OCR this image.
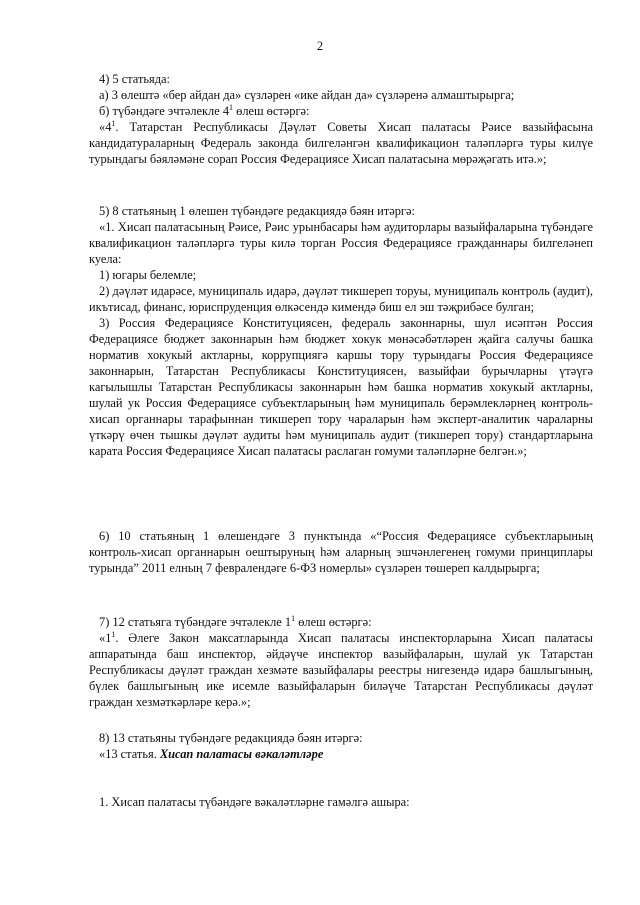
2

4) 5 статьяда:

а) 3 өлештә «бер айдан да» сүзләрен «ике айдан да» сүзләренә алмаштырырга;

б) түбәндәге эчтәлекле $4^1$ өлеш өстәргә:

«$4^1$. Татарстан Республикасы Дәүләт Советы Хисап палатасы Рәисе вазыйфасына кандидатураларның Федераль законда билгеләнгән квалификацион таләпләргә туры килүе турындагы бәяләмәне сорап Россия Федерациясе Хисап палатасына мөрәҗәгать итә.»;

5) 8 статьяның 1 өлешен түбәндәге редакциядә бәян итәргә:

«1. Хисап палатасының Рәисе, Рәис урынбасары һәм аудиторлары вазыйфаларына түбәндәге квалификацион таләпләргә туры килә торган Россия Федерациясе гражданнары билгеләнеп куела:

1) югары белемле;

2) дәүләт идарәсе, муниципаль идарә, дәүләт тикшереп торуы, муниципаль контроль (аудит), икътисад, финанс, юриспруденция өлкәсендә кимендә биш ел эш тәҗрибәсе булган;

3) Россия Федерациясе Конституциясен, федераль законнарны, шул исәптән Россия Федерациясе бюджет законнарын һәм бюджет хокук мөнәсәбәтләрен җайга салучы башка норматив хокукый актларны, коррупциягә каршы тору турындагы Россия Федерациясе законнарын, Татарстан Республикасы Конституциясен, вазыйфаи бурычларны үтәүгә кагылышлы Татарстан Республикасы законнарын һәм башка норматив хокукый актларны, шулай ук Россия Федерациясе субъектларының һәм муниципаль берәмлекләрнең контроль-хисап органнары тарафыннан тикшереп тору чараларын һәм эксперт-аналитик чараларны үткәрү өчен тышкы дәүләт аудиты һәм муниципаль аудит (тикшереп тору) стандартларына карата Россия Федерациясе Хисап палатасы раслаган гомуми таләпләрне белгән.»;

6) 10 статьяның 1 өлешендәге 3 пунктында «“Россия Федерациясе субъектларының контроль-хисап органнарын оештыруның һәм аларның эшчәнлегенең гомуми принциплары турында” 2011 елның 7 февралендәге 6-ФЗ номерлы» сүзләрен төшереп калдырырга;

7) 12 статьяга түбәндәге эчтәлекле $1^1$ өлеш өстәргә:

«$1^1$. Әлеге Закон максатларында Хисап палатасы инспекторларына Хисап палатасы аппаратында баш инспектор, әйдәүче инспектор вазыйфаларын, шулай ук Татарстан Республикасы дәүләт граждан хезмәте вазыйфалары реестры нигезендә идарә башлыгының, бүлек башлыгының ике исемле вазыйфаларын биләүче Татарстан Республикасы дәүләт граждан хезмәткәрләре керә.»;

8) 13 статьяны түбәндәге редакциядә бәян итәргә:

«13 статья. Хисап палатасы вәкаләтләре

1. Хисап палатасы түбәндәге вәкаләтләрне гамәлгә ашыра:
